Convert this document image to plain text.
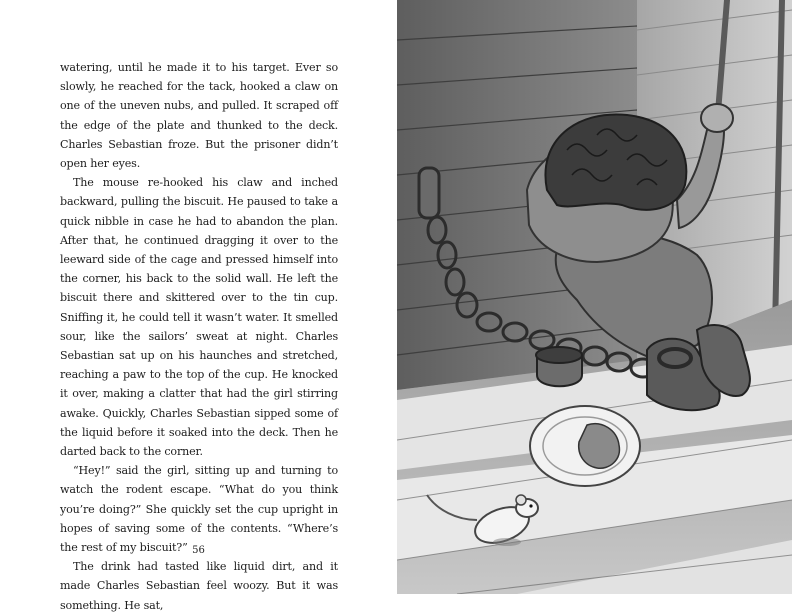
watering, until he made it to his target. Ever so slowly, he reached for the tack, hooked a claw on one of the uneven nubs, and pulled. It scraped off the edge of the plate and thunked to the deck. Charles Sebastian froze. But the prisoner didn’t open her eyes.

The mouse re-hooked his claw and inched backward, pulling the biscuit. He paused to take a quick nibble in case he had to abandon the plan. After that, he continued dragging it over to the leeward side of the cage and pressed himself into the corner, his back to the solid wall. He left the biscuit there and skittered over to the tin cup. Sniffing it, he could tell it wasn’t water. It smelled sour, like the sailors’ sweat at night. Charles Sebastian sat up on his haunches and stretched, reaching a paw to the top of the cup. He knocked it over, making a clatter that had the girl stirring awake. Quickly, Charles Sebastian sipped some of the liquid before it soaked into the deck. Then he darted back to the corner.

“Hey!” said the girl, sitting up and turning to watch the rodent escape. “What do you think you’re doing?” She quickly set the cup upright in hopes of saving some of the contents. “Where’s the rest of my biscuit?”

The drink had tasted like liquid dirt, and it made Charles Sebastian feel woozy. But it was something. He sat,

56
